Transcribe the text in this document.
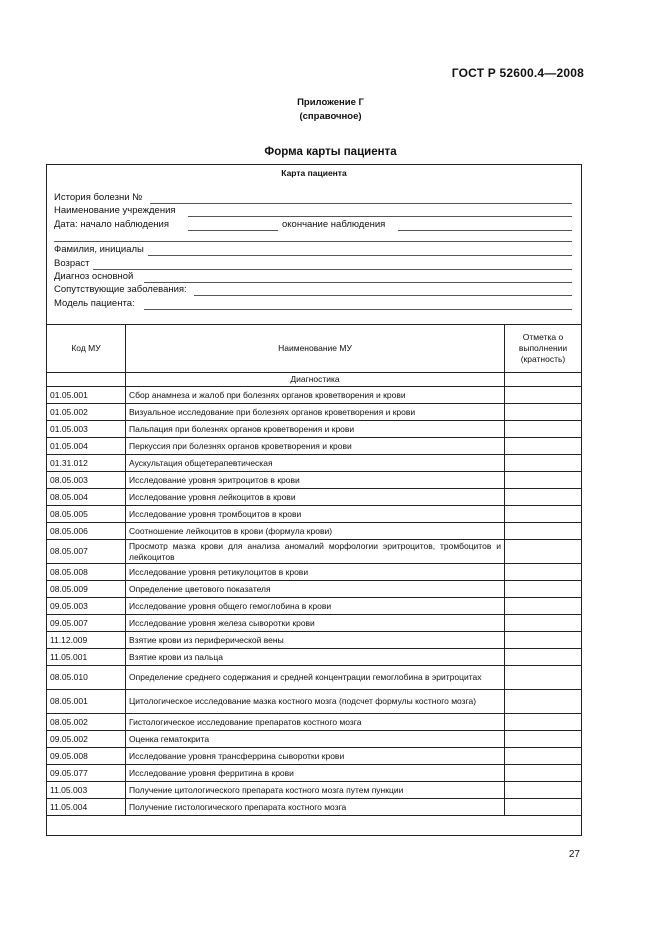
ГОСТ Р 52600.4—2008
Приложение Г
(справочное)
Форма карты пациента
Карта пациента
История болезни №
Наименование учреждения
Дата: начало наблюдения	окончание наблюдения
Фамилия, инициалы
Возраст
Диагноз основной
Сопутствующие заболевания:
Модель пациента:
Код МУ	Наименование МУ	Отметка о выполнении (кратность)
	Диагностика	
01.05.001	Сбор анамнеза и жалоб при болезнях органов кроветворения и крови	
01.05.002	Визуальное исследование при болезнях органов кроветворения и крови	
01.05.003	Пальпация при болезнях органов кроветворения и крови	
01.05.004	Перкуссия при болезнях органов кроветворения и крови	
01.31.012	Аускультация общетерапевтическая	
08.05.003	Исследование уровня эритроцитов в крови	
08.05.004	Исследование уровня лейкоцитов в крови	
08.05.005	Исследование уровня тромбоцитов в крови	
08.05.006	Соотношение лейкоцитов в крови (формула крови)	
08.05.007	Просмотр мазка крови для анализа аномалий морфологии эритроцитов, тромбоцитов и лейкоцитов	
08.05.008	Исследование уровня ретикулоцитов в крови	
08.05.009	Определение цветового показателя	
09.05.003	Исследование уровня общего гемоглобина в крови	
09.05.007	Исследование уровня железа сыворотки крови	
11.12.009	Взятие крови из периферической вены	
11.05.001	Взятие крови из пальца	
08.05.010	Определение среднего содержания и средней концентрации гемоглобина в эритроцитах	
08.05.001	Цитологическое исследование мазка костного мозга (подсчет формулы костного мозга)	
08.05.002	Гистологическое исследование препаратов костного мозга	
09.05.002	Оценка гематокрита	
09.05.008	Исследование уровня трансферрина сыворотки крови	
09.05.077	Исследование уровня ферритина в крови	
11.05.003	Получение цитологического препарата костного мозга путем пункции	
11.05.004	Получение гистологического препарата костного мозга	
27
